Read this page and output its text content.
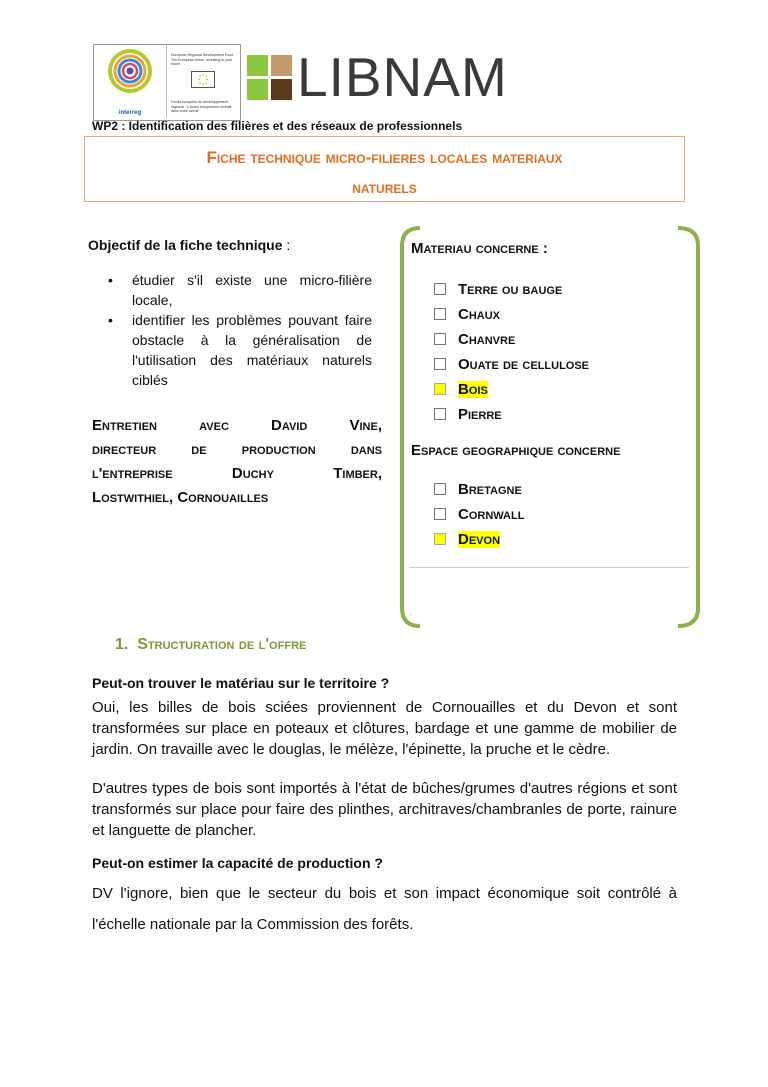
interreg
European Regional Development Fund · The European Union, investing in your future
Fonds européen de développement régional · L'Union européenne investit dans votre avenir
LIBNAM
WP2 : Identification des filières et des réseaux de professionnels
Fiche technique micro-filieres locales materiaux
naturels
Objectif de la fiche technique :
• étudier s'il existe une micro-filière locale,
• identifier les problèmes pouvant faire obstacle à la généralisation de l'utilisation des matériaux naturels ciblés
Entretien avec David Vine,
directeur de production dans
l'entreprise Duchy Timber,
Lostwithiel, Cornouailles
Materiau concerne :
Terre ou bauge
Chaux
Chanvre
Ouate de cellulose
Bois
Pierre
Espace geographique concerne
Bretagne
Cornwall
Devon
.
1. Structuration de l'offre
Peut-on trouver le matériau sur le territoire ?
Oui, les billes de bois sciées proviennent de Cornouailles et du Devon et sont transformées sur place en poteaux et clôtures, bardage et une gamme de mobilier de jardin. On travaille avec le douglas, le mélèze, l'épinette, la pruche et le cèdre.
D'autres types de bois sont importés à l'état de bûches/grumes d'autres régions et sont transformés sur place pour faire des plinthes, architraves/chambranles de porte, rainure et languette de plancher.
Peut-on estimer la capacité de production ?
DV l'ignore, bien que le secteur du bois et son impact économique soit contrôlé à l'échelle nationale par la Commission des forêts.
